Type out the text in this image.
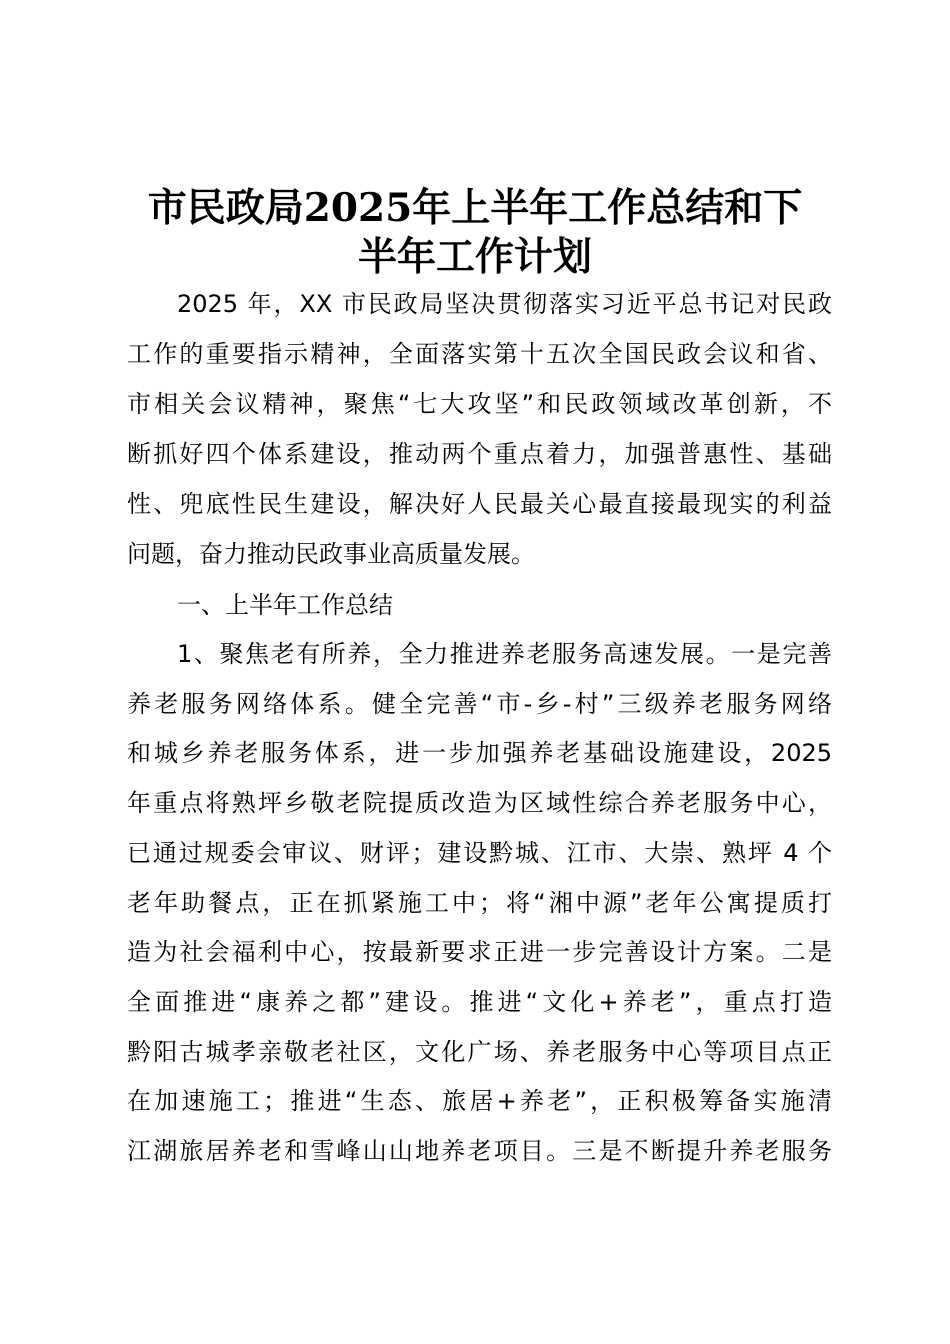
市民政局2025年上半年工作总结和下
半年工作计划

2025 年，XX 市民政局坚决贯彻落实习近平总书记对民政

工作的重要指示精神，全面落实第十五次全国民政会议和省、

市相关会议精神，聚焦“七大攻坚”和民政领域改革创新，不

断抓好四个体系建设，推动两个重点着力，加强普惠性、基础

性、兜底性民生建设，解决好人民最关心最直接最现实的利益

问题，奋力推动民政事业高质量发展。

一、上半年工作总结

1、聚焦老有所养，全力推进养老服务高速发展。一是完善

养老服务网络体系。健全完善“市-乡-村”三级养老服务网络

和城乡养老服务体系，进一步加强养老基础设施建设，2025

年重点将熟坪乡敬老院提质改造为区域性综合养老服务中心，

已通过规委会审议、财评；建设黔城、江市、大崇、熟坪 4 个

老年助餐点，正在抓紧施工中；将“湘中源”老年公寓提质打

造为社会福利中心，按最新要求正进一步完善设计方案。二是

全面推进“康养之都”建设。推进“文化+养老”，重点打造

黔阳古城孝亲敬老社区，文化广场、养老服务中心等项目点正

在加速施工；推进“生态、旅居+养老”，正积极筹备实施清

江湖旅居养老和雪峰山山地养老项目。三是不断提升养老服务
